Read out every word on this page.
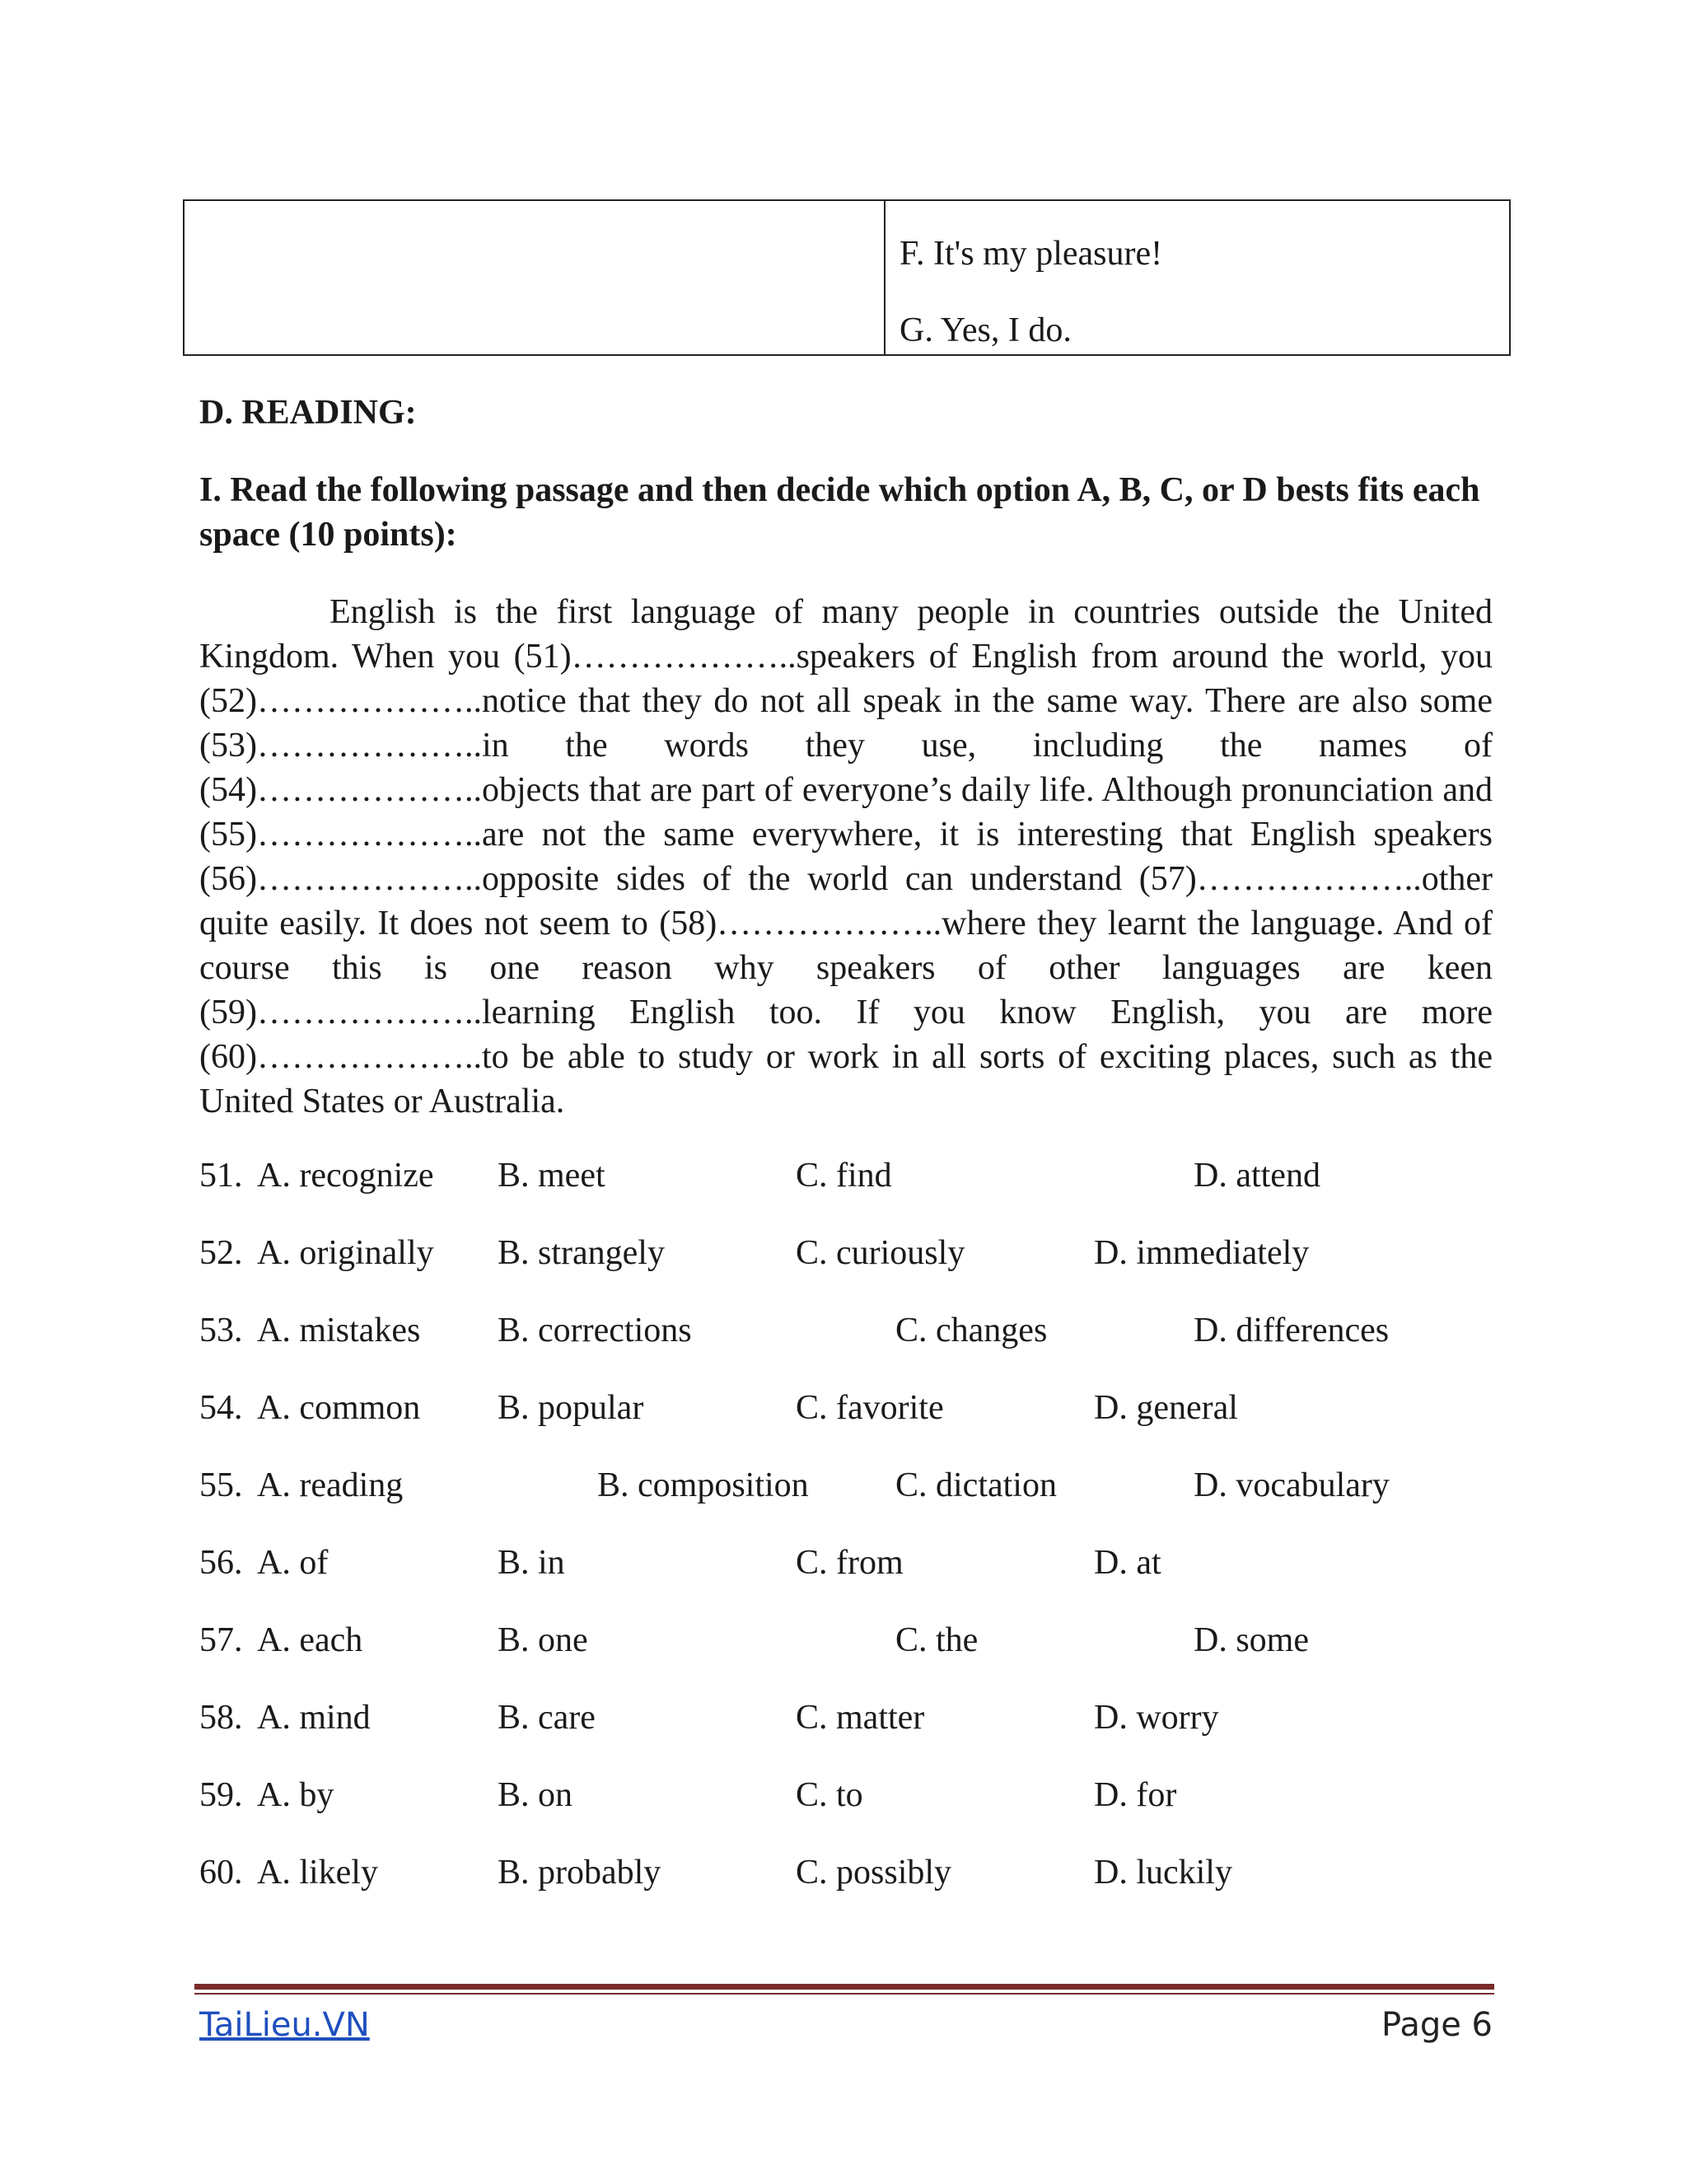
F. It's my pleasure!
G. Yes, I do.
D. READING:
I. Read the following passage and then decide which option A, B, C, or D bests fits each space (10 points):
English is the first language of many people in countries outside the United Kingdom. When you (51)………………..speakers of English from around the world, you (52)………………..notice that they do not all speak in the same way. There are also some (53)………………..in the words they use, including the names of (54)………………..objects that are part of everyone’s daily life. Although pronunciation and (55)………………..are not the same everywhere, it is interesting that English speakers (56)………………..opposite sides of the world can understand (57)………………..other quite easily. It does not seem to (58)………………..where they learnt the language. And of course this is one reason why speakers of other languages are keen (59)………………..learning English too. If you know English, you are more (60)………………..to be able to study or work in all sorts of exciting places, such as the United States or Australia.
51. A. recognize B. meet	C. find	D. attend
52. A. originally B. strangely	C. curiously	D. immediately
53. A. mistakes B. corrections	C. changes	D. differences
54. A. common B. popular	C. favorite	D. general
55. A. reading	B. composition	C. dictation	D. vocabulary
56. A. of	B. in	C. from	D. at
57. A. each	B. one	C. the	D. some
58. A. mind	B. care	C. matter	D. worry
59. A. by	B. on	C. to	D. for
60. A. likely	B. probably	C. possibly	D. luckily
TaiLieu.VN	Page 6
